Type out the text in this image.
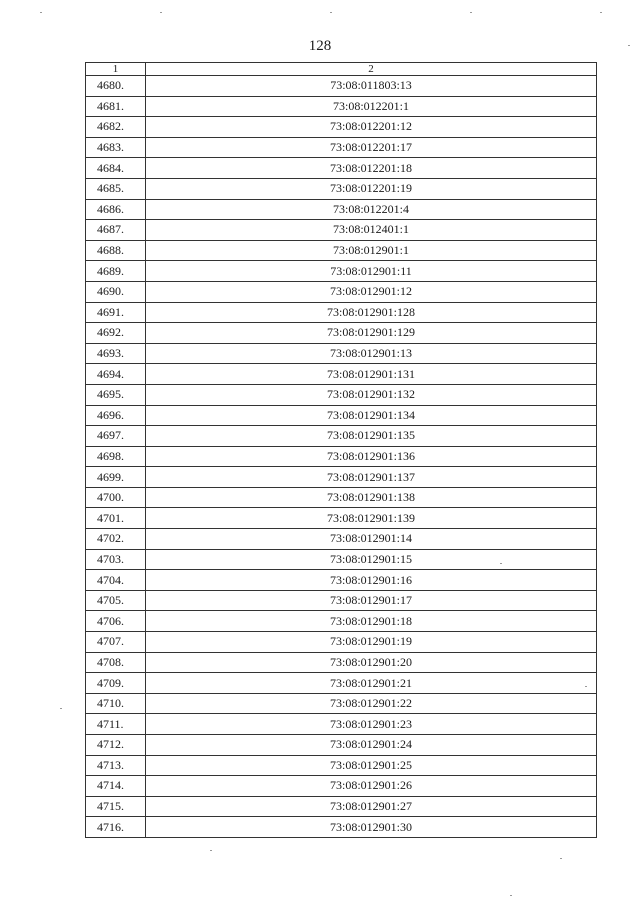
128
1	2
4680.	73:08:011803:13
4681.	73:08:012201:1
4682.	73:08:012201:12
4683.	73:08:012201:17
4684.	73:08:012201:18
4685.	73:08:012201:19
4686.	73:08:012201:4
4687.	73:08:012401:1
4688.	73:08:012901:1
4689.	73:08:012901:11
4690.	73:08:012901:12
4691.	73:08:012901:128
4692.	73:08:012901:129
4693.	73:08:012901:13
4694.	73:08:012901:131
4695.	73:08:012901:132
4696.	73:08:012901:134
4697.	73:08:012901:135
4698.	73:08:012901:136
4699.	73:08:012901:137
4700.	73:08:012901:138
4701.	73:08:012901:139
4702.	73:08:012901:14
4703.	73:08:012901:15
4704.	73:08:012901:16
4705.	73:08:012901:17
4706.	73:08:012901:18
4707.	73:08:012901:19
4708.	73:08:012901:20
4709.	73:08:012901:21
4710.	73:08:012901:22
4711.	73:08:012901:23
4712.	73:08:012901:24
4713.	73:08:012901:25
4714.	73:08:012901:26
4715.	73:08:012901:27
4716.	73:08:012901:30
